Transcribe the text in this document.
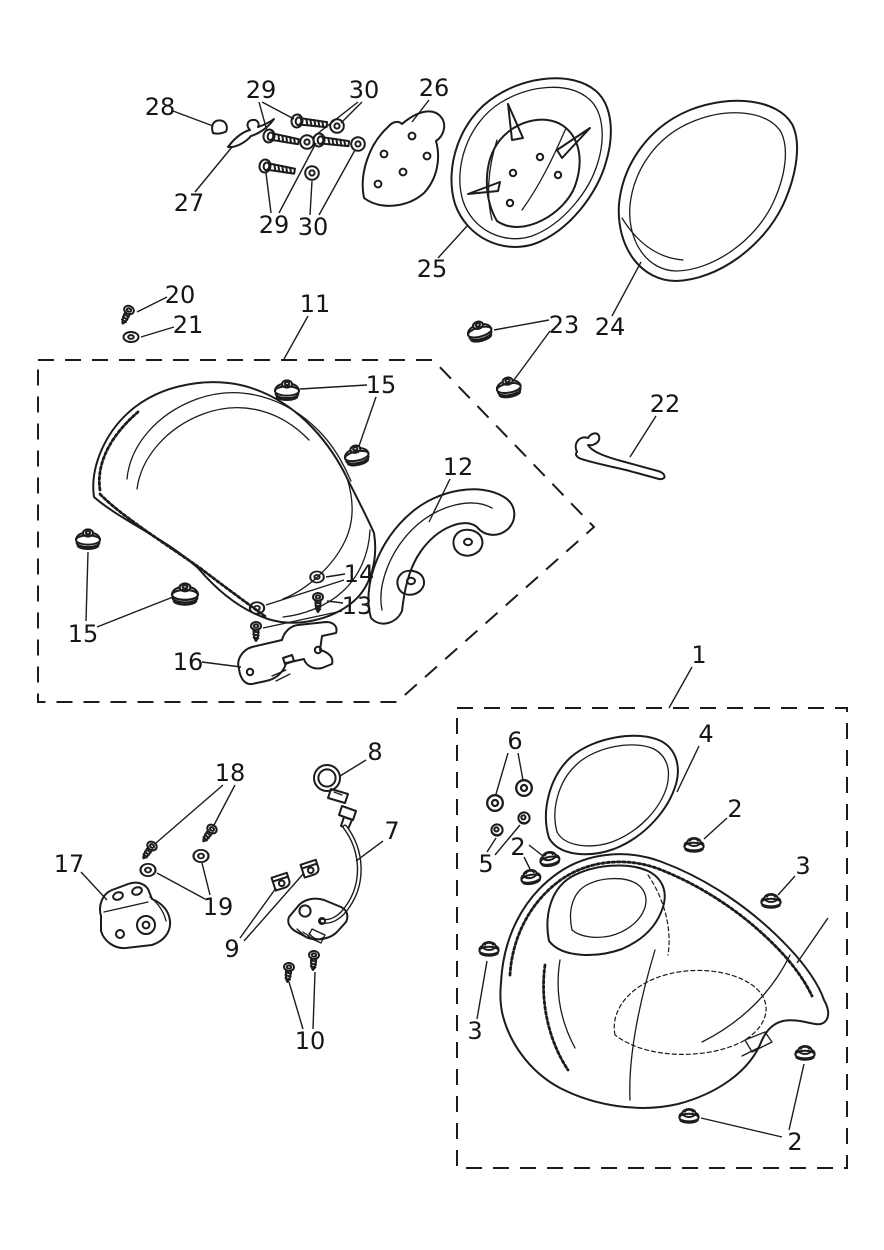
28
27
29	30 26
29 30
25
24
23
20
21
11
15
12
22
14
13
15
16	1
18
8
7
17
19
9
10
6	4
2
5
2
3
3
2
